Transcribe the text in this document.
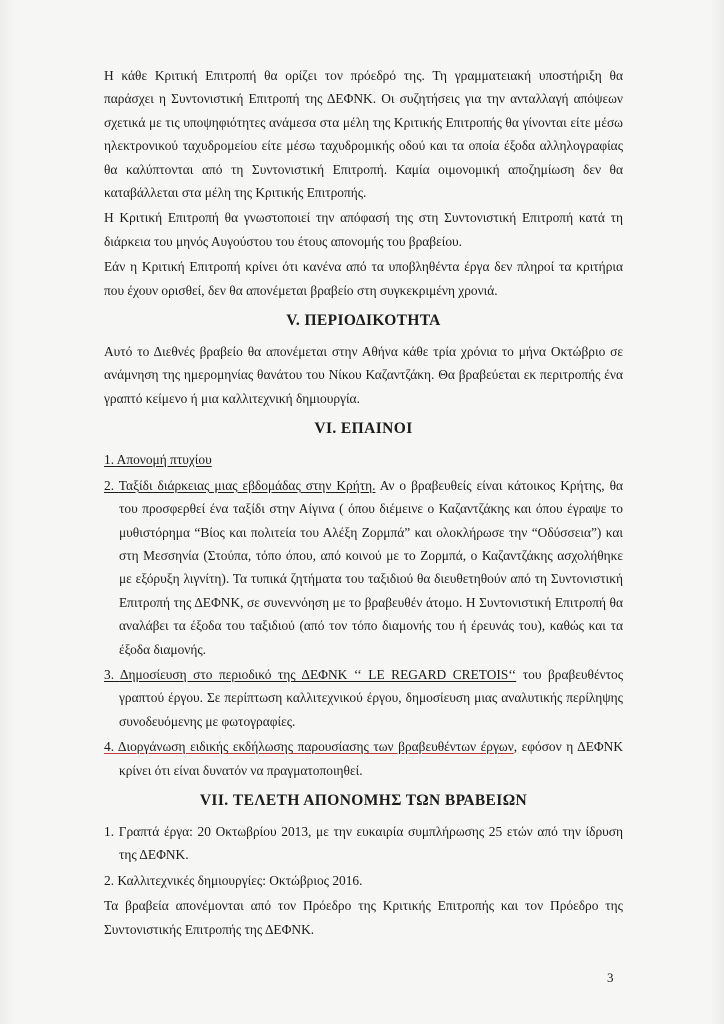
Η κάθε Κριτική Επιτροπή θα ορίζει τον πρόεδρό της. Τη γραμματειακή υποστήριξη θα παράσχει η Συντονιστική Επιτροπή της ΔΕΦΝΚ. Οι συζητήσεις για την ανταλλαγή απόψεων σχετικά με τις υποψηφιότητες ανάμεσα στα μέλη της Κριτικής Επιτροπής θα γίνονται είτε μέσω ηλεκτρονικού ταχυδρομείου είτε μέσω ταχυδρομικής οδού και τα οποία έξοδα αλληλογραφίας θα καλύπτονται από τη Συντονιστική Επιτροπή. Καμία οιμονομική αποζημίωση δεν θα καταβάλλεται στα μέλη της Κριτικής Επιτροπής.

Η Κριτική Επιτροπή θα γνωστοποιεί την απόφασή της στη Συντονιστική Επιτροπή κατά τη διάρκεια του μηνός Αυγούστου του έτους απονομής του βραβείου.

Εάν η Κριτική Επιτροπή κρίνει ότι κανένα από τα υποβληθέντα έργα δεν πληροί τα κριτήρια που έχουν ορισθεί, δεν θα απονέμεται βραβείο στη συγκεκριμένη χρονιά.

V. ΠΕΡΙΟΔΙΚΟΤΗΤΑ

Αυτό το Διεθνές βραβείο θα απονέμεται στην Αθήνα κάθε τρία χρόνια το μήνα Οκτώβριο σε ανάμνηση της ημερομηνίας θανάτου του Νίκου Καζαντζάκη. Θα βραβεύεται εκ περιτροπής ένα γραπτό κείμενο ή μια καλλιτεχνική δημιουργία.

VI. ΕΠΑΙΝΟΙ
1. Απονομή πτυχίου
2. Ταξίδι διάρκειας μιας εβδομάδας στην Κρήτη. Αν ο βραβευθείς είναι κάτοικος Κρήτης, θα του προσφερθεί ένα ταξίδι στην Αίγινα ( όπου διέμεινε ο Καζαντζάκης και όπου έγραψε το μυθιστόρημα “Βίος και πολιτεία του Αλέξη Ζορμπά” και ολοκλήρωσε την “Οδύσσεια”) και στη Μεσσηνία (Στούπα, τόπο όπου, από κοινού με το Ζορμπά, ο Καζαντζάκης ασχολήθηκε με εξόρυξη λιγνίτη). Τα τυπικά ζητήματα του ταξιδιού θα διευθετηθούν από τη Συντονιστική Επιτροπή της ΔΕΦΝΚ, σε συνεννόηση με το βραβευθέν άτομο. Η Συντονιστική Επιτροπή θα αναλάβει τα έξοδα του ταξιδιού (από τον τόπο διαμονής του ή έρευνάς του), καθώς και τα έξοδα διαμονής.
3. Δημοσίευση στο περιοδικό της ΔΕΦΝΚ ‘‘ LE REGARD CRETOIS‘‘ του βραβευθέντος γραπτού έργου. Σε περίπτωση καλλιτεχνικού έργου, δημοσίευση μιας αναλυτικής περίληψης συνοδευόμενης με φωτογραφίες.
4. Διοργάνωση ειδικής εκδήλωσης παρουσίασης των βραβευθέντων έργων, εφόσον η ΔΕΦΝΚ κρίνει ότι είναι δυνατόν να πραγματοποιηθεί.
VII. ΤΕΛΕΤΗ ΑΠΟΝΟΜΗΣ ΤΩΝ ΒΡΑΒΕΙΩΝ
1. Γραπτά έργα: 20 Οκτωβρίου 2013, με την ευκαιρία συμπλήρωσης 25 ετών από την ίδρυση της ΔΕΦΝΚ.
2. Καλλιτεχνικές δημιουργίες: Οκτώβριος 2016.

Τα βραβεία απονέμονται από τον Πρόεδρο της Κριτικής Επιτροπής και τον Πρόεδρο της Συντονιστικής Επιτροπής της ΔΕΦΝΚ.

3
